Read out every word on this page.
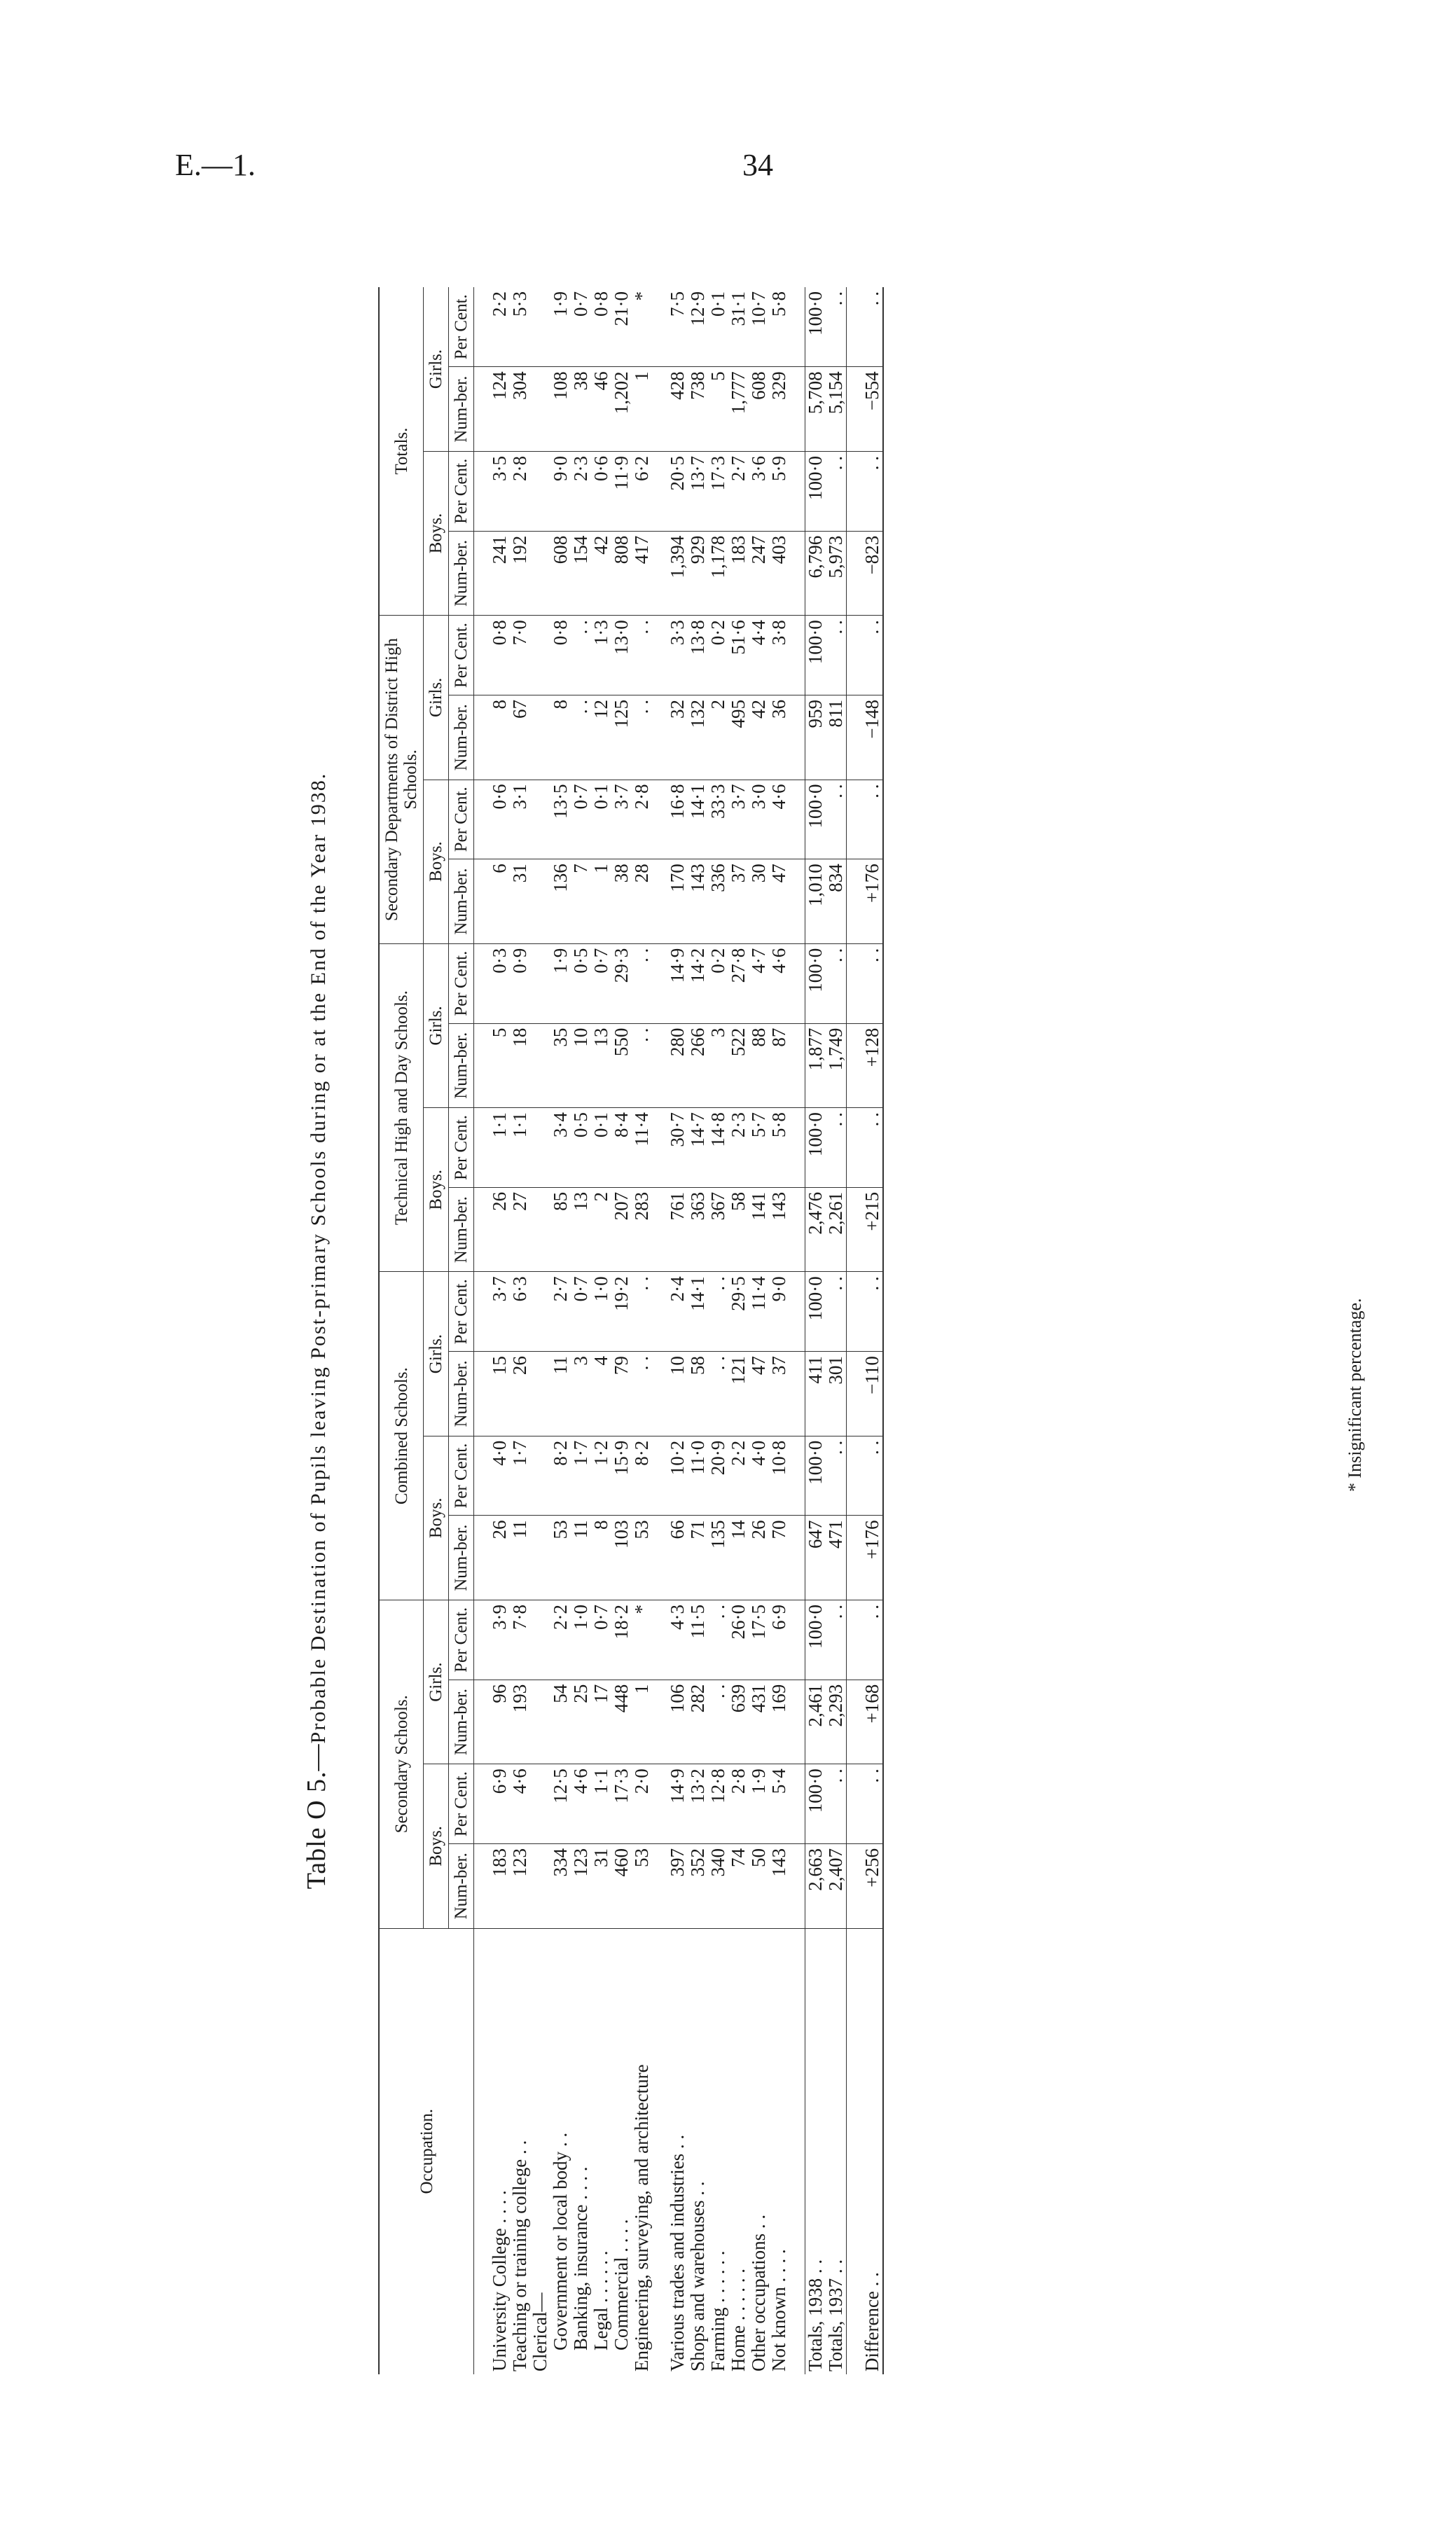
E.—1.	34
Table O 5.—Probable Destination of Pupils leaving Post-primary Schools during or at the End of the Year 1938.
Occupation.	Secondary Schools.				Combined Schools.				Technical High and Day Schools.				Secondary Departments of District High Schools.				Totals.			
	Boys.		Girls.		Boys.		Girls.		Boys.		Girls.		Boys.		Girls.		Boys.		Girls.	
	Num-ber.	Per Cent.	Num-ber.	Per Cent.	Num-ber.	Per Cent.	Num-ber.	Per Cent.	Num-ber.	Per Cent.	Num-ber.	Per Cent.	Num-ber.	Per Cent.	Num-ber.	Per Cent.	Num-ber.	Per Cent.	Num-ber.	Per Cent.

University College . . . .	183	6·9	96	3·9	26	4·0	15	3·7	26	1·1	5	0·3	6	0·6	8	0·8	241	3·5	124	2·2
Teaching or training college . .	123	4·6	193	7·8	11	1·7	26	6·3	27	1·1	18	0·9	31	3·1	67	7·0	192	2·8	304	5·3
Clerical—																				
Government or local body . .	334	12·5	54	2·2	53	8·2	11	2·7	85	3·4	35	1·9	136	13·5	8	0·8	608	9·0	108	1·9
Banking, insurance . . . .	123	4·6	25	1·0	11	1·7	3	0·7	13	0·5	10	0·5	7	0·7	. .	. .	154	2·3	38	0·7
Legal . . . . . .	31	1·1	17	0·7	8	1·2	4	1·0	2	0·1	13	0·7	1	0·1	12	1·3	42	0·6	46	0·8
Commercial . . . .	460	17·3	448	18·2	103	15·9	79	19·2	207	8·4	550	29·3	38	3·7	125	13·0	808	11·9	1,202	21·0
Engineering, surveying, and architecture	53	2·0	1	*	53	8·2	. .	. .	283	11·4	. .	. .	28	2·8	. .	. .	417	6·2	1	*

Various trades and industries . .	397	14·9	106	4·3	66	10·2	10	2·4	761	30·7	280	14·9	170	16·8	32	3·3	1,394	20·5	428	7·5
Shops and warehouses . .	352	13·2	282	11·5	71	11·0	58	14·1	363	14·7	266	14·2	143	14·1	132	13·8	929	13·7	738	12·9
Farming . . . . . .	340	12·8	. .	. .	135	20·9	. .	. .	367	14·8	3	0·2	336	33·3	2	0·2	1,178	17·3	5	0·1
Home . . . . . .	74	2·8	639	26·0	14	2·2	121	29·5	58	2·3	522	27·8	37	3·7	495	51·6	183	2·7	1,777	31·1
Other occupations . .	50	1·9	431	17·5	26	4·0	47	11·4	141	5·7	88	4·7	30	3·0	42	4·4	247	3·6	608	10·7
Not known . . . .	143	5·4	169	6·9	70	10·8	37	9·0	143	5·8	87	4·6	47	4·6	36	3·8	403	5·9	329	5·8

Totals, 1938 . .	2,663	100·0	2,461	100·0	647	100·0	411	100·0	2,476	100·0	1,877	100·0	1,010	100·0	959	100·0	6,796	100·0	5,708	100·0
Totals, 1937 . .	2,407	. .	2,293	. .	471	. .	301	. .	2,261	. .	1,749	. .	834	. .	811	. .	5,973	. .	5,154	. .

Difference . .	+256	. .	+168	. .	+176	. .	−110	. .	+215	. .	+128	. .	+176	. .	−148	. .	−823	. .	−554	. .
* Insignificant percentage.
